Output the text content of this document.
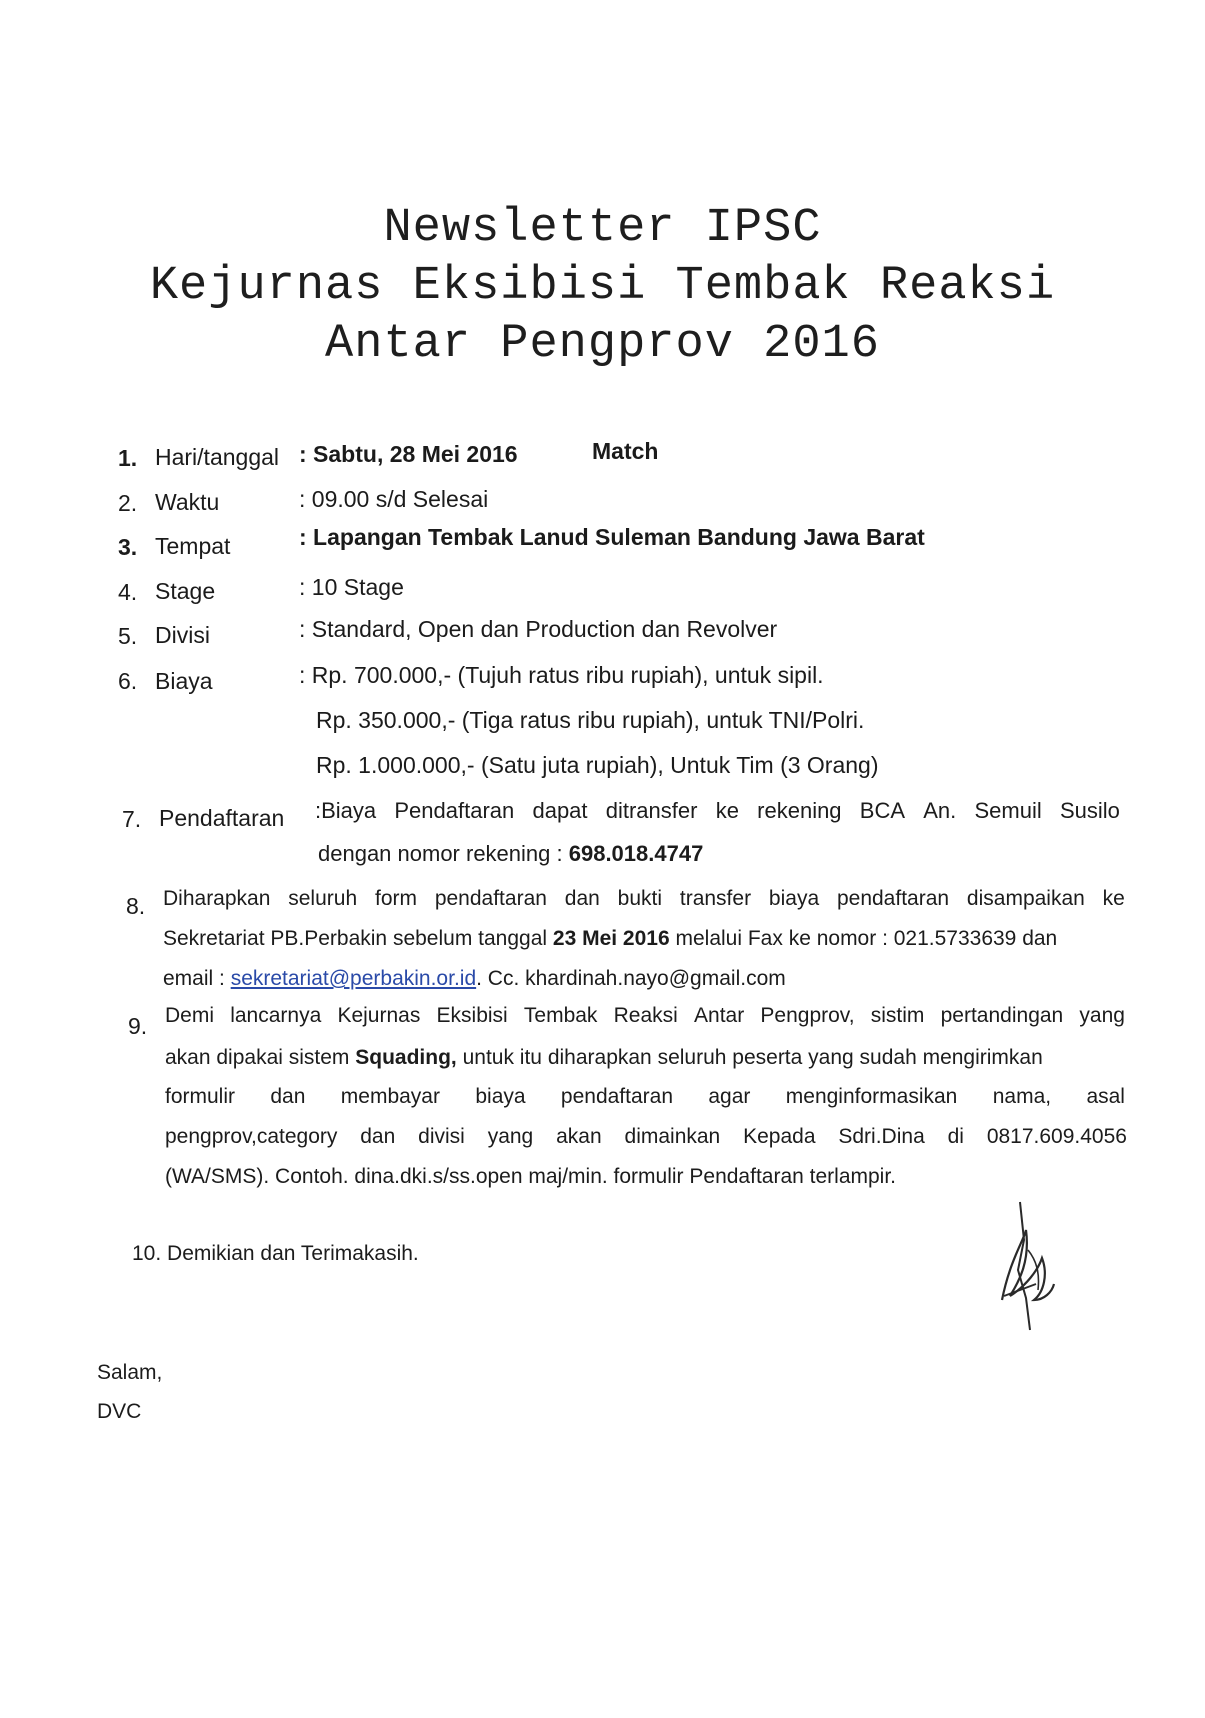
Newsletter IPSC
Kejurnas Eksibisi Tembak Reaksi
Antar Pengprov 2016
1. Hari/tanggal : Sabtu, 28 Mei 2016	Match
2. Waktu	: 09.00 s/d Selesai
3. Tempat	: Lapangan Tembak Lanud Suleman Bandung Jawa Barat
4. Stage	: 10 Stage
5. Divisi	: Standard, Open dan Production dan Revolver
6. Biaya	: Rp. 700.000,- (Tujuh ratus ribu rupiah), untuk sipil.
Rp. 350.000,- (Tiga ratus ribu rupiah), untuk TNI/Polri.
Rp. 1.000.000,- (Satu juta rupiah), Untuk Tim (3 Orang)
7. Pendaftaran :Biaya Pendaftaran dapat ditransfer ke rekening BCA An. Semuil Susilo
dengan nomor rekening : 698.018.4747
8. Diharapkan seluruh form pendaftaran dan bukti transfer biaya pendaftaran disampaikan ke
Sekretariat PB.Perbakin sebelum tanggal 23 Mei 2016 melalui Fax ke nomor : 021.5733639 dan
email : sekretariat@perbakin.or.id. Cc. khardinah.nayo@gmail.com
9. Demi lancarnya Kejurnas Eksibisi Tembak Reaksi Antar Pengprov, sistim pertandingan yang
akan dipakai sistem Squading, untuk itu diharapkan seluruh peserta yang sudah mengirimkan
formulir dan membayar biaya pendaftaran agar menginformasikan nama, asal
pengprov,category dan divisi yang akan dimainkan Kepada Sdri.Dina di 0817.609.4056
(WA/SMS). Contoh. dina.dki.s/ss.open maj/min. formulir Pendaftaran terlampir.
10. Demikian dan Terimakasih.
Salam,
DVC
